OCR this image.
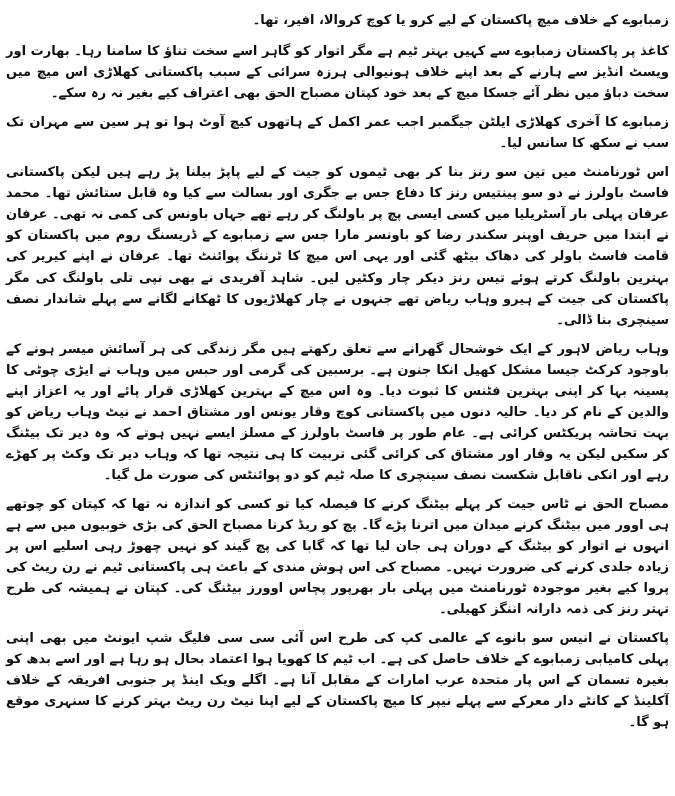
زمبابوے کے خلاف میچ پاکستان کے لیے کرو یا کوچ کروالا، افیر، تھا۔

کاغذ پر پاکستان زمبابوے سے کہیں بہتر ٹیم ہے مگر اتوار کو گاہر اسے سخت تناؤ کا سامنا رہا۔ بھارت اور ویسٹ انڈیز سے ہارنے کے بعد اپنے خلاف ہونیوالی ہرزہ سرائی کے سبب پاکستانی کھلاڑی اس میچ میں سخت دباؤ میں نظر آئے جسکا میچ کے بعد خود کپتان مصباح الحق بھی اعتراف کیے بغیر نہ رہ سکے۔

زمبابوے کا آخری کھلاڑی ایلٹن جیگمبر اجب عمر اکمل کے ہاتھوں کیچ آوٹ ہوا تو ہر سین سے مہران تک سب نے سکھ کا سانس لیا۔

اس ٹورنامنٹ میں تین سو رنز بنا کر بھی ٹیموں کو جیت کے لیے پاپڑ بیلنا پڑ رہے ہیں لیکن پاکستانی فاسٹ باولرز نے دو سو پینتیس رنز کا دفاع جس بے جگری اور بسالت سے کیا وہ قابل ستائش تھا۔ محمد عرفان پہلی بار آسٹریلیا میں کسی ایسی پچ پر باولنگ کر رہے تھے جہاں باونس کی کمی نہ تھی۔ عرفان نے ابتدا میں حریف اوپنر سکندر رضا کو باونسر مارا جس سے زمبابوے کے ڈریسنگ روم میں پاکستان کو قامت فاسٹ باولر کی دھاک بیٹھ گئی اور یہی اس میچ کا ٹرننگ پوائنٹ تھا۔ عرفان نے اپنے کیریر کی بہترین باولنگ کرتے ہوئے تیس رنز دیکر چار وکٹیں لیں۔ شاہد آفریدی نے بھی نپی تلی باولنگ کی مگر پاکستان کی جیت کے ہیرو وہاب ریاض تھے جنہوں نے چار کھلاڑیوں کا ٹھکانے لگانے سے پہلے شاندار نصف سینچری بنا ڈالی۔

وہاب ریاض لاہور کے ایک خوشحال گھرانے سے تعلق رکھتے ہیں مگر زندگی کی ہر آسائش میسر ہونے کے باوجود کرکٹ جیسا مشکل کھیل انکا جنون ہے۔ برسبین کی گرمی اور حبس میں وہاب نے ایڑی چوٹی کا پسینہ بہا کر اپنی بہترین فٹنس کا ثبوت دیا۔ وہ اس میچ کے بہترین کھلاڑی قرار پائے اور یہ اعزاز اپنے والدین کے نام کر دیا۔ حالیہ دنوں میں پاکستانی کوچ وقار یونس اور مشتاق احمد نے نیٹ وہاب ریاض کو بہت تحاشہ پریکٹس کرائی ہے۔ عام طور پر فاسٹ باولرز کے مسلز ایسے نہیں ہوتے کہ وہ دیر تک بیٹنگ کر سکیں لیکن یہ وقار اور مشتاق کی کرائی گئی تربیت کا ہی نتیجہ تھا کہ وہاب دیر تک وکٹ پر کھڑے رہے اور انکی ناقابل شکست نصف سینچری کا صلہ ٹیم کو دو پوائنٹس کی صورت مل گیا۔

مصباح الحق نے ٹاس جیت کر پہلے بیٹنگ کرنے کا فیصلہ کیا تو کسی کو اندازہ نہ تھا کہ کپتان کو چوتھے ہی اوور میں بیٹنگ کرنے میدان میں اترنا پڑے گا۔ پچ کو ریڈ کرنا مصباح الحق کی بڑی خوبیوں میں سے ہے انہوں نے اتوار کو بیٹنگ کے دوران ہی جان لیا تھا کہ گابا کی پچ گیند کو نہیں چھوڑ رہی اسلیے اس پر زیادہ جلدی کرنے کی ضرورت نہیں۔ مصباح کی اس ہوش مندی کے باعث ہی پاکستانی ٹیم نے رن ریٹ کی پروا کیے بغیر موجودہ ٹورنامنٹ میں پہلی بار بھرپور پچاس اوورز بیٹنگ کی۔ کپتان نے ہمیشہ کی طرح تہتر رنز کی ذمہ دارانہ اننگز کھیلی۔

پاکستان نے انیس سو بانوے کے عالمی کپ کی طرح اس آئی سی سی فلیگ شپ ایونٹ میں بھی اپنی پہلی کامیابی زمبابوے کے خلاف حاصل کی ہے۔ اب ٹیم کا کھویا ہوا اعتماد بحال ہو رہا ہے اور اسے بدھ کو بغیرہ تسمان کے اس پار متحدہ عرب امارات کے مقابل آنا ہے۔ اگلے ویک اینڈ پر جنوبی افریقہ کے خلاف آکلینڈ کے کانٹے دار معرکے سے پہلے نیپر کا میچ پاکستان کے لیے اپنا نیٹ رن ریٹ بہتر کرنے کا سنہری موقع ہو گا۔
